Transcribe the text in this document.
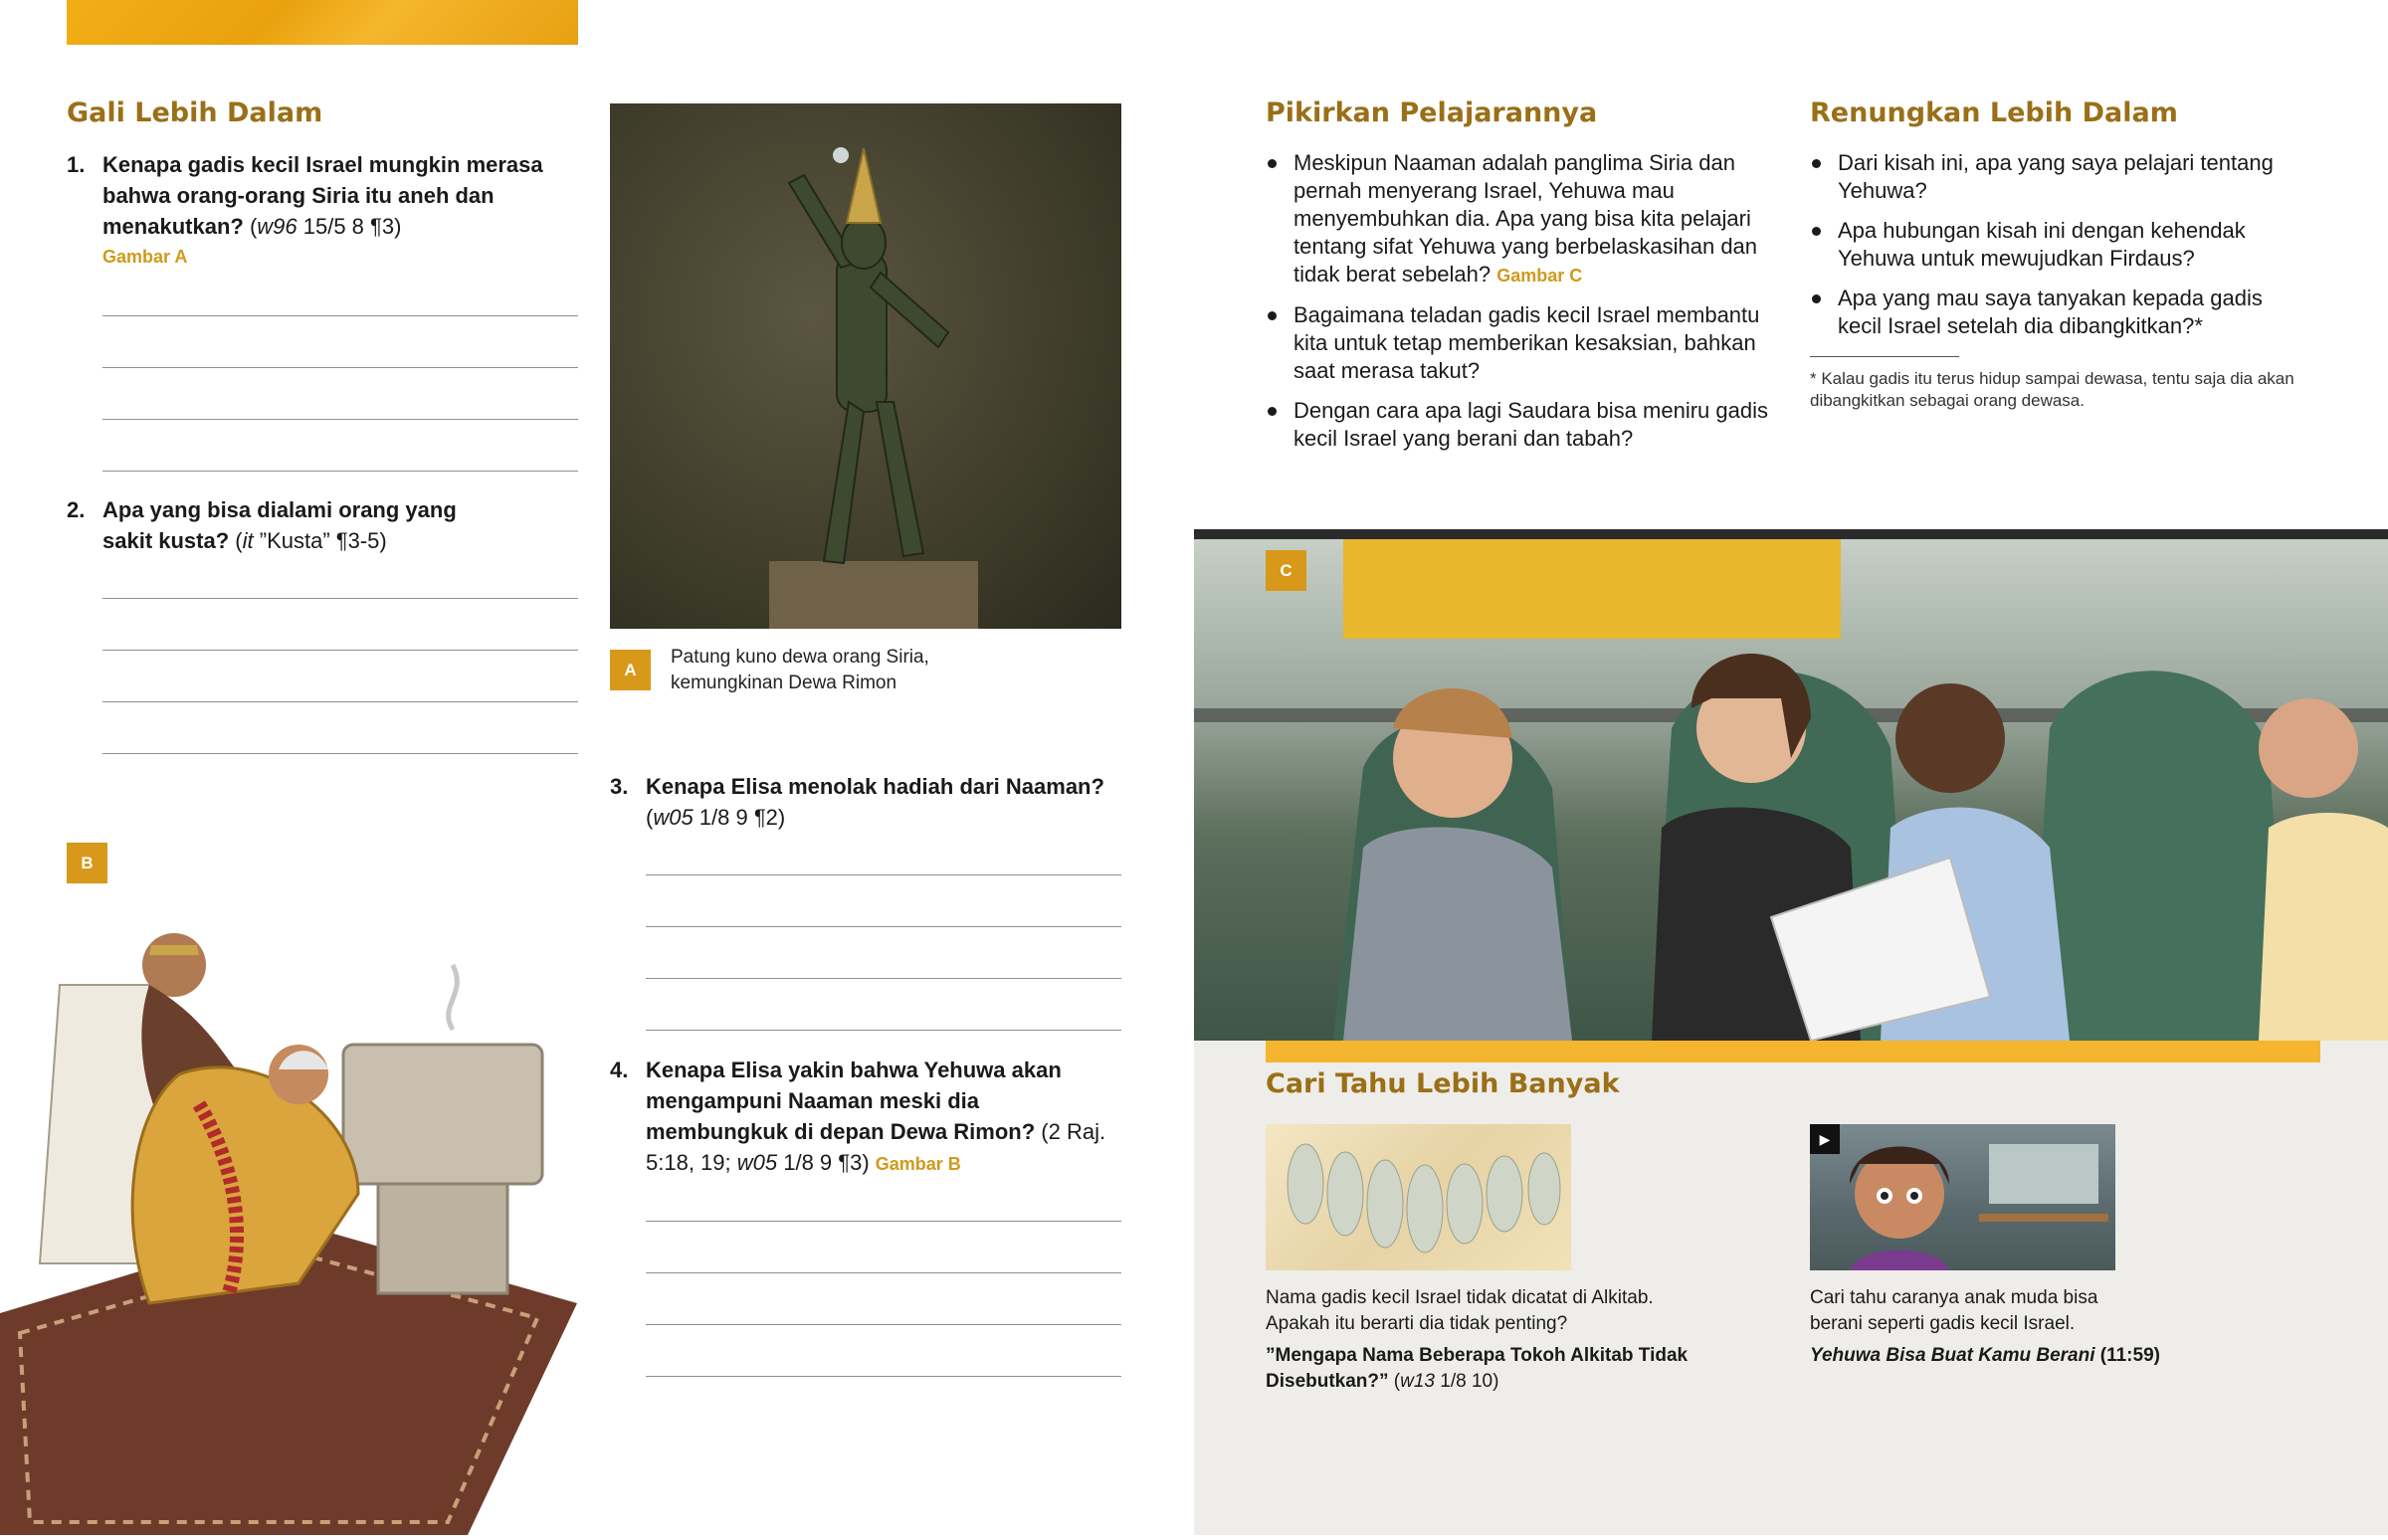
Gali Lebih Dalam
1. Kenapa gadis kecil Israel mungkin merasa bahwa orang-orang Siria itu aneh dan menakutkan? (w96 15/5 8 ¶3)
Gambar A
2. Apa yang bisa dialami orang yang sakit kusta? (it ”Kusta” ¶3-5)
A
Patung kuno dewa orang Siria, kemungkinan Dewa Rimon
3. Kenapa Elisa menolak hadiah dari Naaman? (w05 1/8 9 ¶2)
4. Kenapa Elisa yakin bahwa Yehuwa akan mengampuni Naaman meski dia membungkuk di depan Dewa Rimon? (2 Raj. 5:18, 19; w05 1/8 9 ¶3) Gambar B
B
Pikirkan Pelajarannya
Meskipun Naaman adalah panglima Siria dan pernah menyerang Israel, Yehuwa mau menyembuhkan dia. Apa yang bisa kita pelajari tentang sifat Yehuwa yang berbelaskasihan dan tidak berat sebelah? Gambar C
Bagaimana teladan gadis kecil Israel membantu kita untuk tetap memberikan kesaksian, bahkan saat merasa takut?
Dengan cara apa lagi Saudara bisa meniru gadis kecil Israel yang berani dan tabah?
Renungkan Lebih Dalam
Dari kisah ini, apa yang saya pelajari tentang Yehuwa?
Apa hubungan kisah ini dengan kehendak Yehuwa untuk mewujudkan Firdaus?
Apa yang mau saya tanyakan kepada gadis kecil Israel setelah dia dibangkitkan?*
* Kalau gadis itu terus hidup sampai dewasa, tentu saja dia akan dibangkitkan sebagai orang dewasa.
C
Cari Tahu Lebih Banyak
Nama gadis kecil Israel tidak dicatat di Alkitab. Apakah itu berarti dia tidak penting?
”Mengapa Nama Beberapa Tokoh Alkitab Tidak Disebutkan?” (w13 1/8 10)
▶
Cari tahu caranya anak muda bisa berani seperti gadis kecil Israel.
Yehuwa Bisa Buat Kamu Berani (11:59)
